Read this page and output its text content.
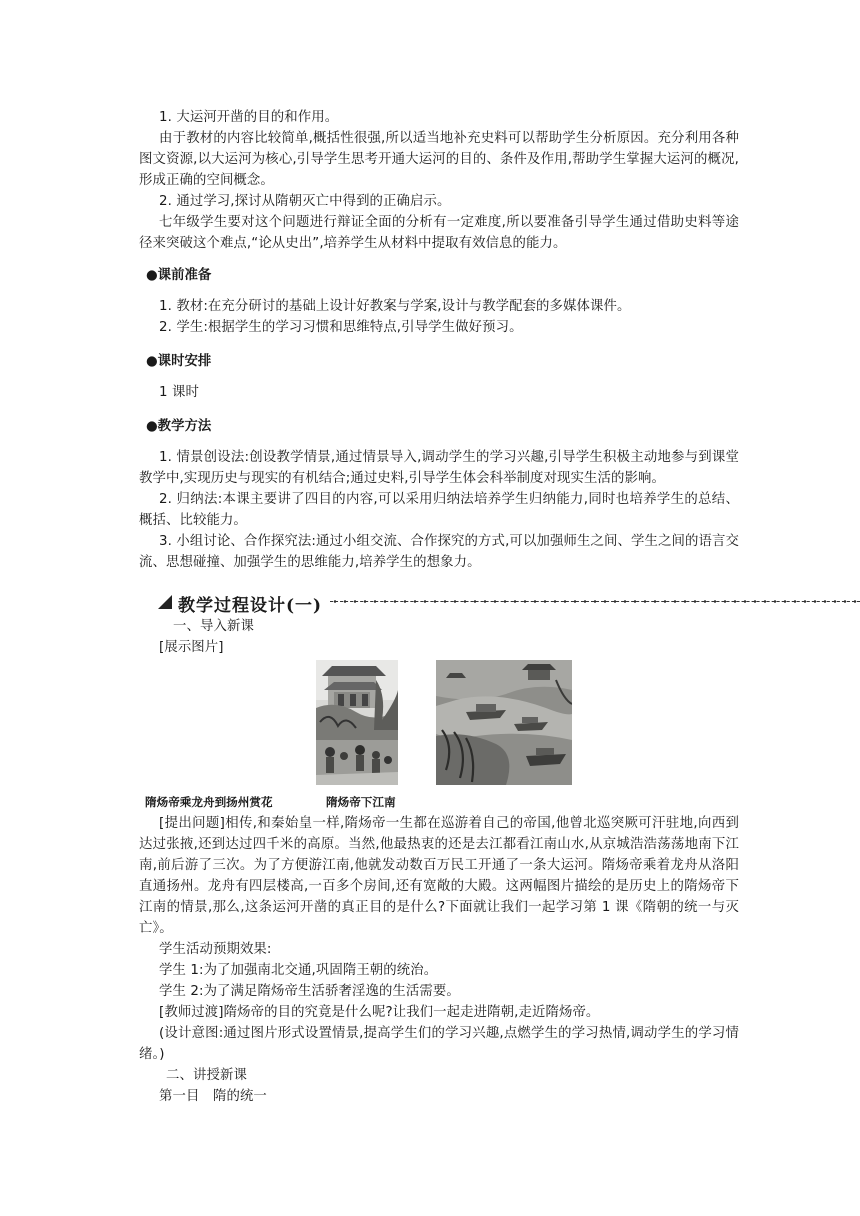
1. 大运河开凿的目的和作用。

由于教材的内容比较简单,概括性很强,所以适当地补充史料可以帮助学生分析原因。充分利用各种图文资源,以大运河为核心,引导学生思考开通大运河的目的、条件及作用,帮助学生掌握大运河的概况,形成正确的空间概念。

2. 通过学习,探讨从隋朝灭亡中得到的正确启示。

七年级学生要对这个问题进行辩证全面的分析有一定难度,所以要准备引导学生通过借助史料等途径来突破这个难点,“论从史出”,培养学生从材料中提取有效信息的能力。

●课前准备

1. 教材:在充分研讨的基础上设计好教案与学案,设计与教学配套的多媒体课件。

2. 学生:根据学生的学习习惯和思维特点,引导学生做好预习。

●课时安排

1 课时

●教学方法

1. 情景创设法:创设教学情景,通过情景导入,调动学生的学习兴趣,引导学生积极主动地参与到课堂教学中,实现历史与现实的有机结合;通过史料,引导学生体会科举制度对现实生活的影响。

2. 归纳法:本课主要讲了四目的内容,可以采用归纳法培养学生归纳能力,同时也培养学生的总结、概括、比较能力。

3. 小组讨论、合作探究法:通过小组交流、合作探究的方式,可以加强师生之间、学生之间的语言交流、思想碰撞、加强学生的思维能力,培养学生的想象力。

教学过程设计(一)

一、导入新课

[展示图片]

隋炀帝乘龙舟到扬州赏花	隋炀帝下江南

[提出问题]相传,和秦始皇一样,隋炀帝一生都在巡游着自己的帝国,他曾北巡突厥可汗驻地,向西到达过张掖,还到达过四千米的高原。当然,他最热衷的还是去江都看江南山水,从京城浩浩荡荡地南下江南,前后游了三次。为了方便游江南,他就发动数百万民工开通了一条大运河。隋炀帝乘着龙舟从洛阳直通扬州。龙舟有四层楼高,一百多个房间,还有宽敞的大殿。这两幅图片描绘的是历史上的隋炀帝下江南的情景,那么,这条运河开凿的真正目的是什么?下面就让我们一起学习第 1 课《隋朝的统一与灭亡》。

学生活动预期效果:

学生 1:为了加强南北交通,巩固隋王朝的统治。

学生 2:为了满足隋炀帝生活骄奢淫逸的生活需要。

[教师过渡]隋炀帝的目的究竟是什么呢?让我们一起走进隋朝,走近隋炀帝。

(设计意图:通过图片形式设置情景,提高学生们的学习兴趣,点燃学生的学习热情,调动学生的学习情绪。)

二、讲授新课

第一目　隋的统一
